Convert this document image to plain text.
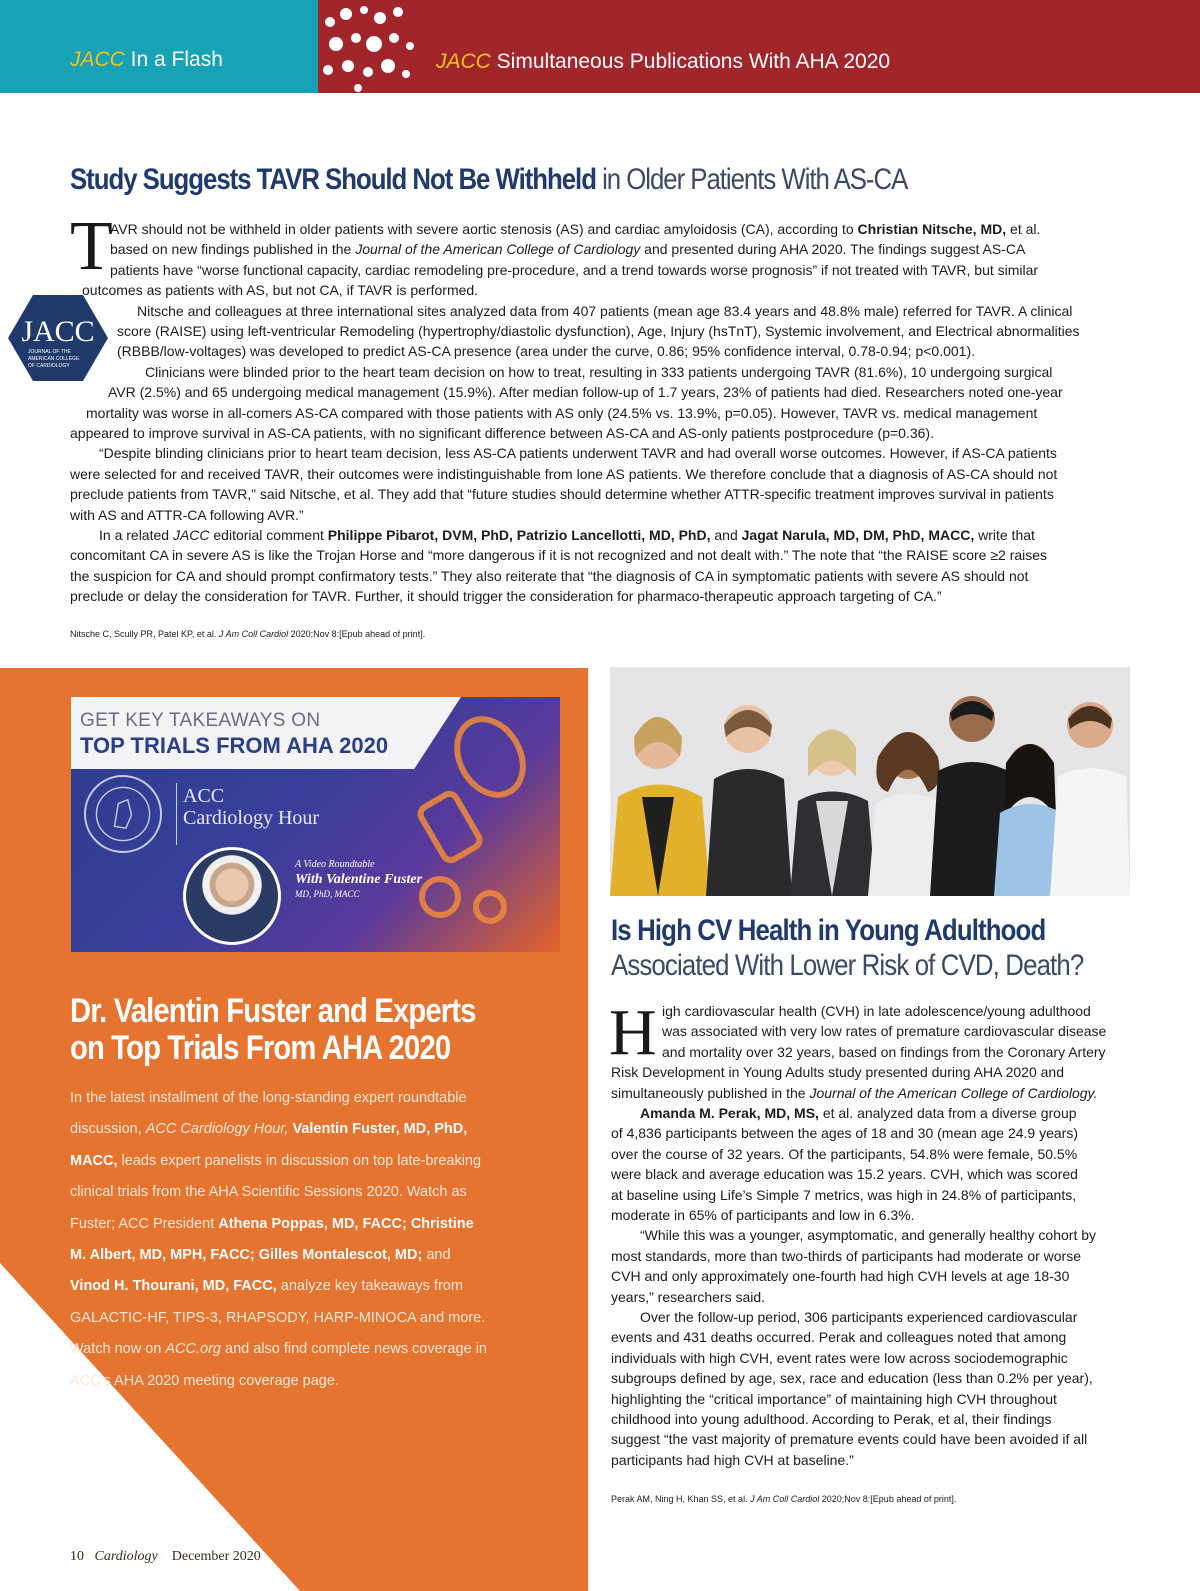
JACC In a Flash	JACC Simultaneous Publications With AHA 2020
Study Suggests TAVR Should Not Be Withheld in Older Patients With AS-CA
T
JACC
JOURNAL OF THE
AMERICAN COLLEGE
OF CARDIOLOGY
AVR should not be withheld in older patients with severe aortic stenosis (AS) and cardiac amyloidosis (CA), according to Christian Nitsche, MD, et al.
based on new findings published in the Journal of the American College of Cardiology and presented during AHA 2020. The findings suggest AS-CA
patients have “worse functional capacity, cardiac remodeling pre-procedure, and a trend towards worse prognosis” if not treated with TAVR, but similar
outcomes as patients with AS, but not CA, if TAVR is performed.
Nitsche and colleagues at three international sites analyzed data from 407 patients (mean age 83.4 years and 48.8% male) referred for TAVR. A clinical
score (RAISE) using left-ventricular Remodeling (hypertrophy/diastolic dysfunction), Age, Injury (hsTnT), Systemic involvement, and Electrical abnormalities
(RBBB/low-voltages) was developed to predict AS-CA presence (area under the curve, 0.86; 95% confidence interval, 0.78-0.94; p<0.001).
Clinicians were blinded prior to the heart team decision on how to treat, resulting in 333 patients undergoing TAVR (81.6%), 10 undergoing surgical
AVR (2.5%) and 65 undergoing medical management (15.9%). After median follow-up of 1.7 years, 23% of patients had died. Researchers noted one-year
mortality was worse in all-comers AS-CA compared with those patients with AS only (24.5% vs. 13.9%, p=0.05). However, TAVR vs. medical management
appeared to improve survival in AS-CA patients, with no significant difference between AS-CA and AS-only patients postprocedure (p=0.36).
“Despite blinding clinicians prior to heart team decision, less AS-CA patients underwent TAVR and had overall worse outcomes. However, if AS-CA patients
were selected for and received TAVR, their outcomes were indistinguishable from lone AS patients. We therefore conclude that a diagnosis of AS-CA should not
preclude patients from TAVR,” said Nitsche, et al. They add that “future studies should determine whether ATTR-specific treatment improves survival in patients
with AS and ATTR-CA following AVR.”
In a related JACC editorial comment Philippe Pibarot, DVM, PhD, Patrizio Lancellotti, MD, PhD, and Jagat Narula, MD, DM, PhD, MACC, write that
concomitant CA in severe AS is like the Trojan Horse and “more dangerous if it is not recognized and not dealt with.” The note that “the RAISE score ≥2 raises
the suspicion for CA and should prompt confirmatory tests.” They also reiterate that “the diagnosis of CA in symptomatic patients with severe AS should not
preclude or delay the consideration for TAVR. Further, it should trigger the consideration for pharmaco-therapeutic approach targeting of CA.”
Nitsche C, Scully PR, Patel KP, et al. J Am Coll Cardiol 2020;Nov 8:[Epub ahead of print].
GET KEY TAKEAWAYS ON
TOP TRIALS FROM AHA 2020
ACC
Cardiology Hour
A Video Roundtable
With Valentine Fuster
MD, PhD, MACC
Dr. Valentin Fuster and Experts
on Top Trials From AHA 2020
In the latest installment of the long-standing expert roundtable
discussion, ACC Cardiology Hour, Valentin Fuster, MD, PhD,
MACC, leads expert panelists in discussion on top late-breaking
clinical trials from the AHA Scientific Sessions 2020. Watch as
Fuster; ACC President Athena Poppas, MD, FACC; Christine
M. Albert, MD, MPH, FACC; Gilles Montalescot, MD; and
Vinod H. Thourani, MD, FACC, analyze key takeaways from
GALACTIC-HF, TIPS-3, RHAPSODY, HARP-MINOCA and more.
Watch now on ACC.org and also find complete news coverage in
ACC’s AHA 2020 meeting coverage page.
10 Cardiology December 2020
Is High CV Health in Young Adulthood
Associated With Lower Risk of CVD, Death?
H igh cardiovascular health (CVH) in late adolescence/young adulthood
was associated with very low rates of premature cardiovascular disease
and mortality over 32 years, based on findings from the Coronary Artery
Risk Development in Young Adults study presented during AHA 2020 and
simultaneously published in the Journal of the American College of Cardiology.
Amanda M. Perak, MD, MS, et al. analyzed data from a diverse group
of 4,836 participants between the ages of 18 and 30 (mean age 24.9 years)
over the course of 32 years. Of the participants, 54.8% were female, 50.5%
were black and average education was 15.2 years. CVH, which was scored
at baseline using Life’s Simple 7 metrics, was high in 24.8% of participants,
moderate in 65% of participants and low in 6.3%.
“While this was a younger, asymptomatic, and generally healthy cohort by
most standards, more than two-thirds of participants had moderate or worse
CVH and only approximately one-fourth had high CVH levels at age 18-30
years,” researchers said.
Over the follow-up period, 306 participants experienced cardiovascular
events and 431 deaths occurred. Perak and colleagues noted that among
individuals with high CVH, event rates were low across sociodemographic
subgroups defined by age, sex, race and education (less than 0.2% per year),
highlighting the “critical importance” of maintaining high CVH throughout
childhood into young adulthood. According to Perak, et al, their findings
suggest “the vast majority of premature events could have been avoided if all
participants had high CVH at baseline.”
Perak AM, Ning H, Khan SS, et al. J Am Coll Cardiol 2020;Nov 8:[Epub ahead of print].
